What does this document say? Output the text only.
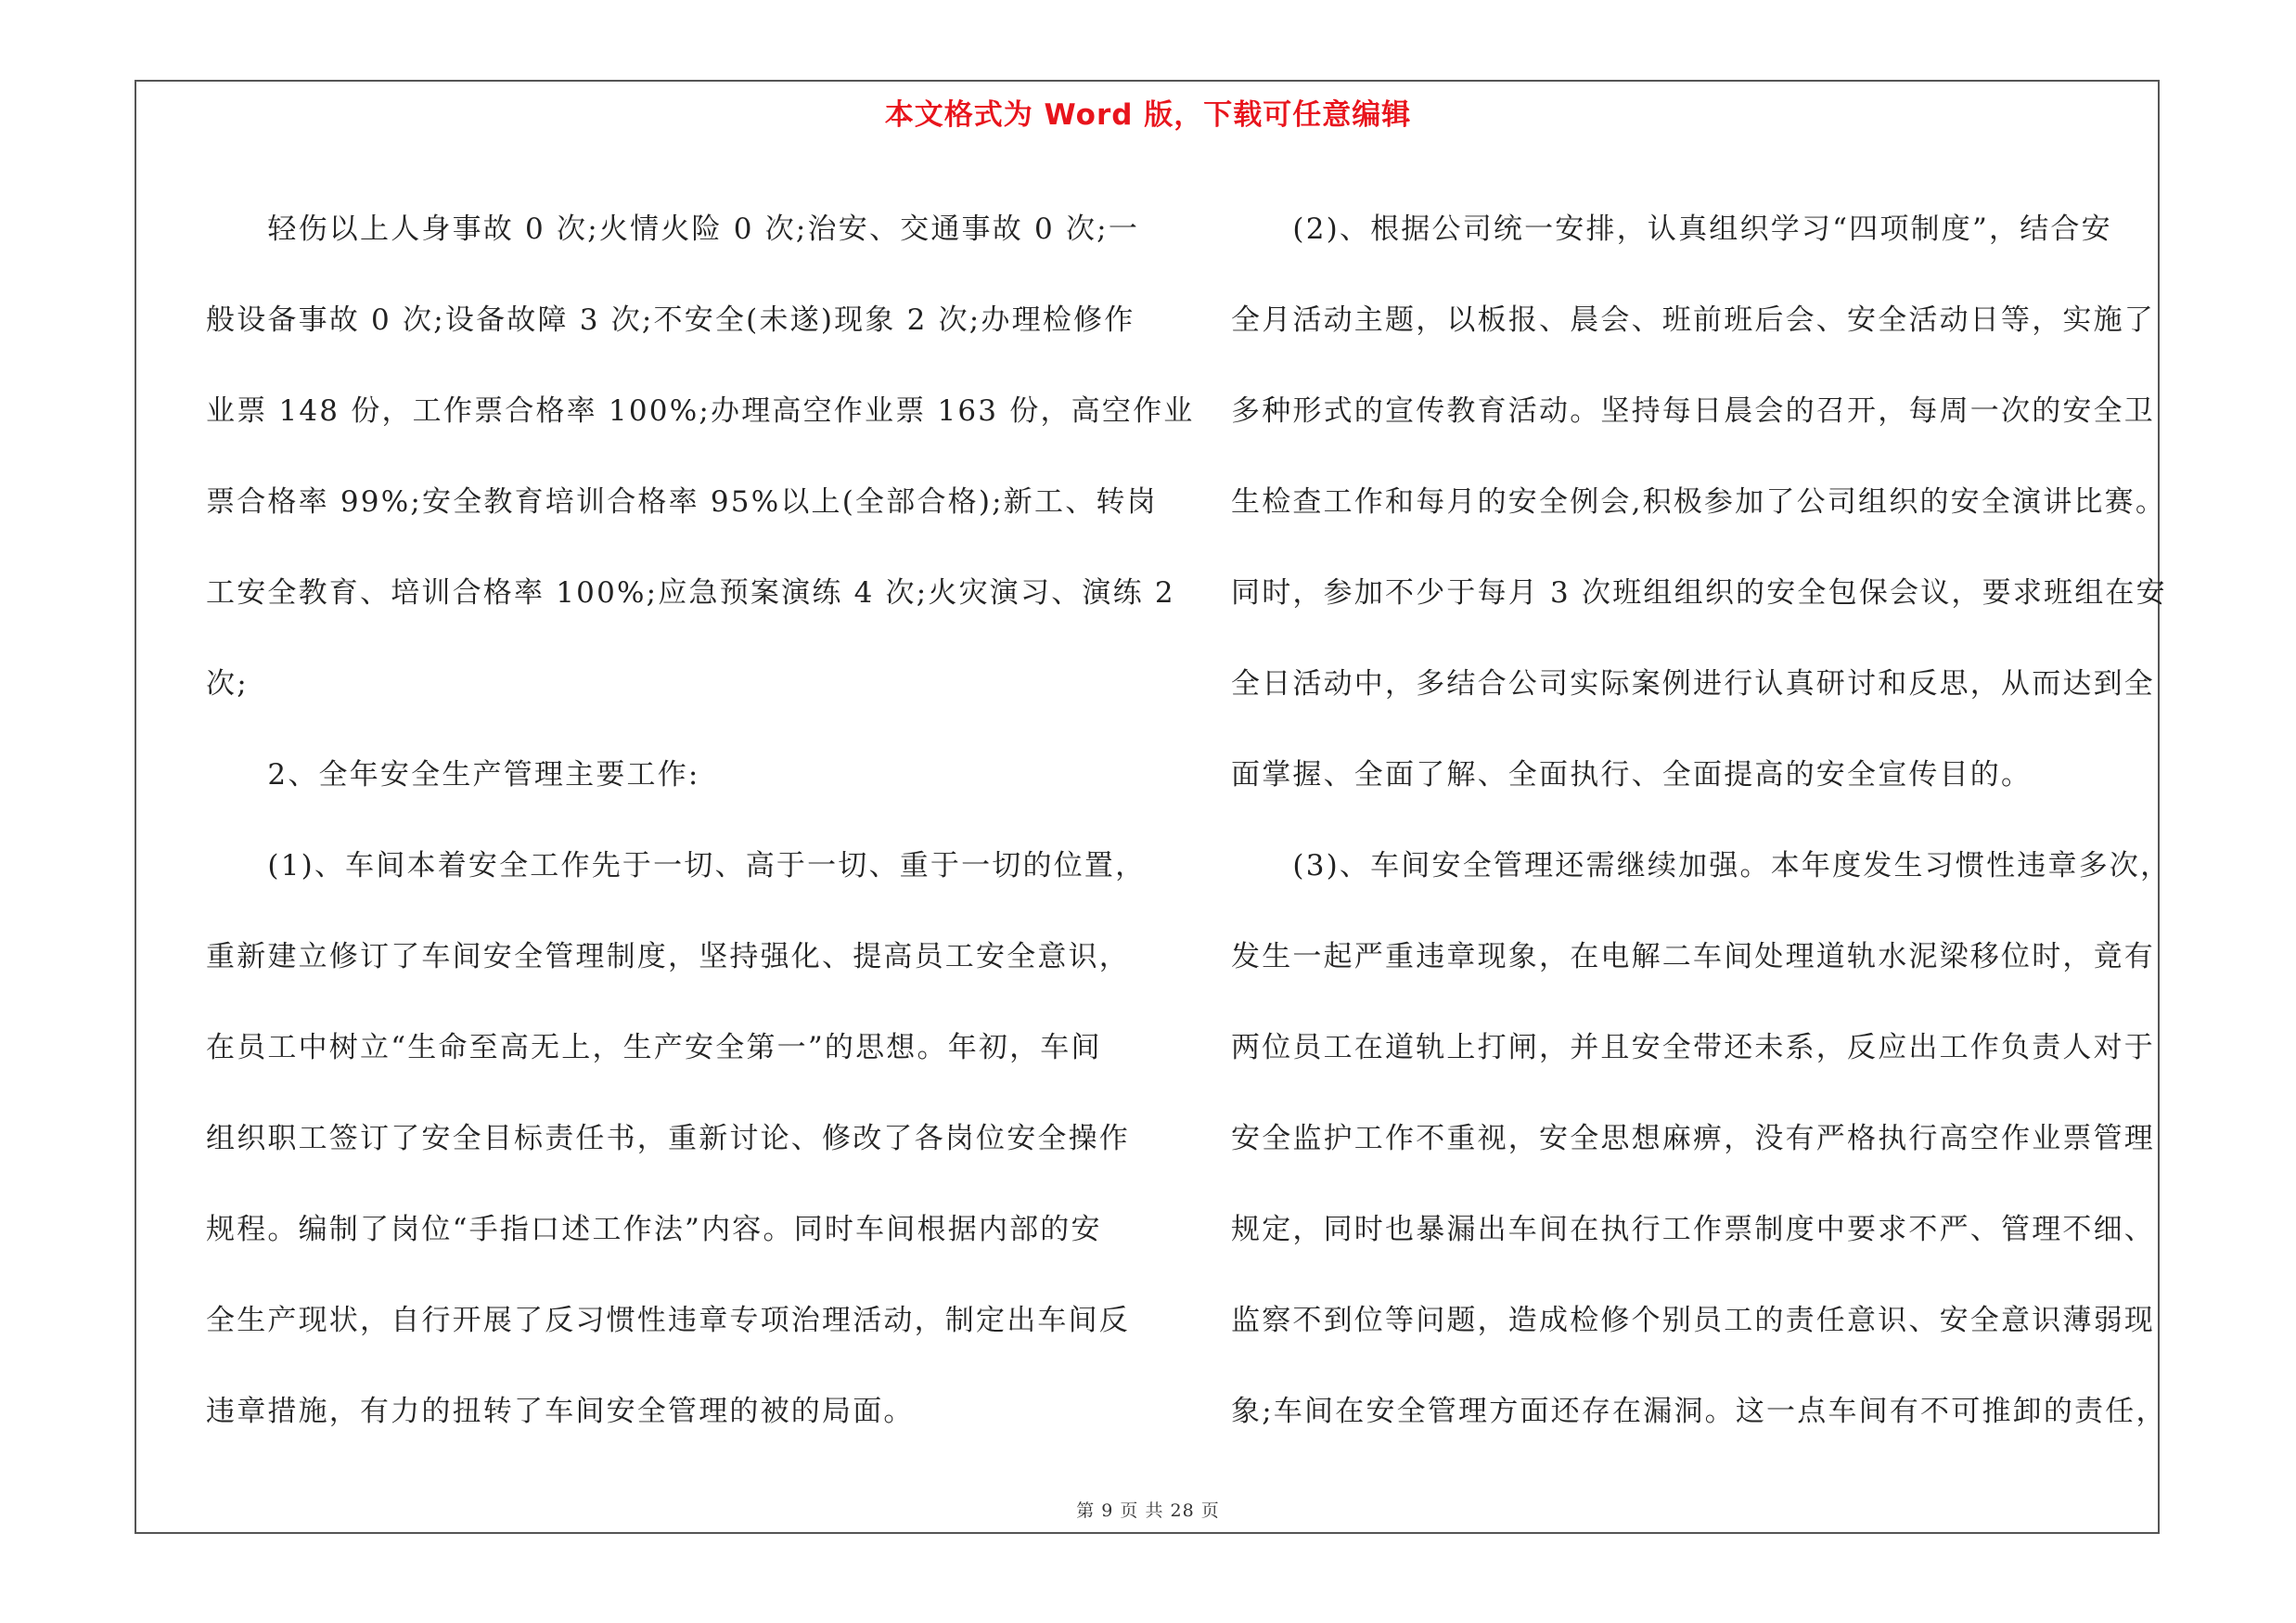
本文格式为 Word 版，下载可任意编辑

　　轻伤以上人身事故 0 次;火情火险 0 次;治安、交通事故 0 次;一
般设备事故 0 次;设备故障 3 次;不安全(未遂)现象 2 次;办理检修作
业票 148 份，工作票合格率 100%;办理高空作业票 163 份，高空作业
票合格率 99%;安全教育培训合格率 95%以上(全部合格);新工、转岗
工安全教育、培训合格率 100%;应急预案演练 4 次;火灾演习、演练 2
次;
　　2、全年安全生产管理主要工作:
　　(1)、车间本着安全工作先于一切、高于一切、重于一切的位置，
重新建立修订了车间安全管理制度，坚持强化、提高员工安全意识，
在员工中树立“生命至高无上，生产安全第一”的思想。年初，车间
组织职工签订了安全目标责任书，重新讨论、修改了各岗位安全操作
规程。编制了岗位“手指口述工作法”内容。同时车间根据内部的安
全生产现状，自行开展了反习惯性违章专项治理活动，制定出车间反
违章措施，有力的扭转了车间安全管理的被的局面。

　　(2)、根据公司统一安排，认真组织学习“四项制度”，结合安
全月活动主题，以板报、晨会、班前班后会、安全活动日等，实施了
多种形式的宣传教育活动。坚持每日晨会的召开，每周一次的安全卫
生检查工作和每月的安全例会,积极参加了公司组织的安全演讲比赛。
同时，参加不少于每月 3 次班组组织的安全包保会议，要求班组在安
全日活动中，多结合公司实际案例进行认真研讨和反思，从而达到全
面掌握、全面了解、全面执行、全面提高的安全宣传目的。
　　(3)、车间安全管理还需继续加强。本年度发生习惯性违章多次，
发生一起严重违章现象，在电解二车间处理道轨水泥梁移位时，竟有
两位员工在道轨上打闸，并且安全带还未系，反应出工作负责人对于
安全监护工作不重视，安全思想麻痹，没有严格执行高空作业票管理
规定，同时也暴漏出车间在执行工作票制度中要求不严、管理不细、
监察不到位等问题，造成检修个别员工的责任意识、安全意识薄弱现
象;车间在安全管理方面还存在漏洞。这一点车间有不可推卸的责任，

第 9 页 共 28 页
